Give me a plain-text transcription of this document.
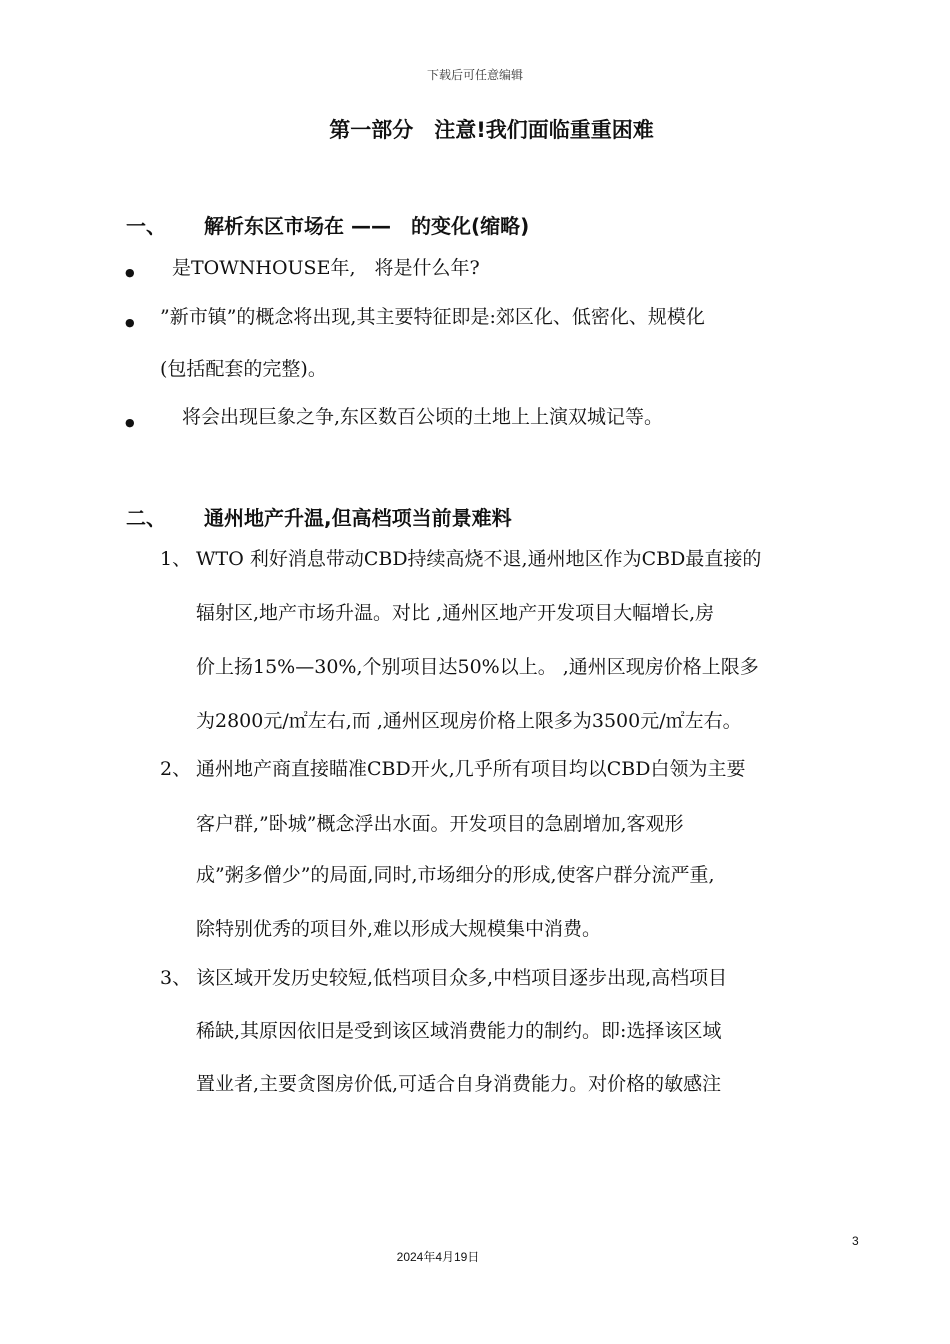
下载后可任意编辑
第一部分　注意!我们面临重重困难
一、 解析东区市场在 ——　的变化(缩略)
● 是TOWNHOUSE年,　将是什么年?
● ”新市镇”的概念将出现,其主要特征即是:郊区化、低密化、规模化
(包括配套的完整)。
● 将会出现巨象之争,东区数百公顷的土地上上演双城记等。
二、 通州地产升温,但高档项当前景难料
1、 WTO 利好消息带动CBD持续高烧不退,通州地区作为CBD最直接的
辐射区,地产市场升温。对比 ,通州区地产开发项目大幅增长,房
价上扬15%—30%,个别项目达50%以上。 ,通州区现房价格上限多
为2800元/㎡左右,而 ,通州区现房价格上限多为3500元/㎡左右。
2、 通州地产商直接瞄准CBD开火,几乎所有项目均以CBD白领为主要
客户群,”卧城”概念浮出水面。开发项目的急剧增加,客观形
成”粥多僧少”的局面,同时,市场细分的形成,使客户群分流严重,
除特别优秀的项目外,难以形成大规模集中消费。
3、 该区域开发历史较短,低档项目众多,中档项目逐步出现,高档项目
稀缺,其原因依旧是受到该区域消费能力的制约。即:选择该区域
置业者,主要贪图房价低,可适合自身消费能力。对价格的敏感注
3
2024年4月19日
